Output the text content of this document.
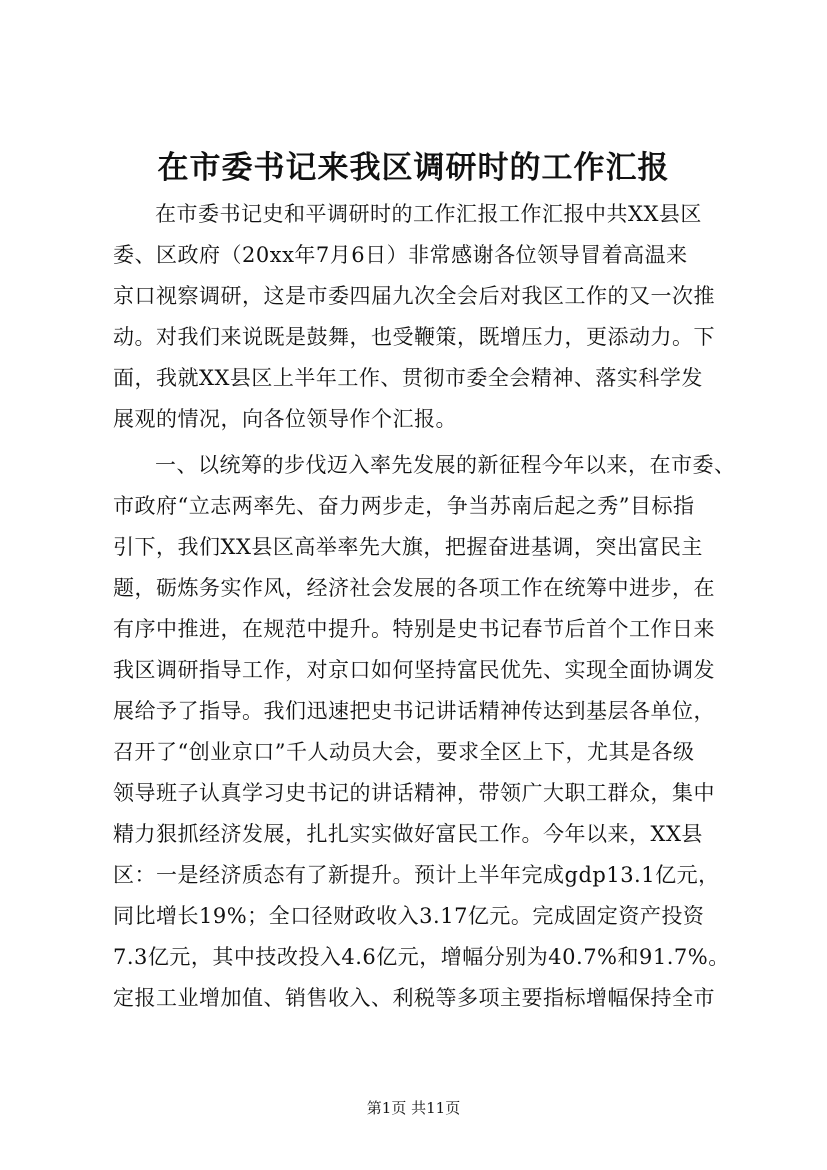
在市委书记来我区调研时的工作汇报
在市委书记史和平调研时的工作汇报工作汇报中共XX县区
委、区政府（20xx年7月6日）非常感谢各位领导冒着高温来
京口视察调研，这是市委四届九次全会后对我区工作的又一次推
动。对我们来说既是鼓舞，也受鞭策，既增压力，更添动力。下
面，我就XX县区上半年工作、贯彻市委全会精神、落实科学发
展观的情况，向各位领导作个汇报。
一、以统筹的步伐迈入率先发展的新征程今年以来，在市委、
市政府“立志两率先、奋力两步走，争当苏南后起之秀”目标指
引下，我们XX县区高举率先大旗，把握奋进基调，突出富民主
题，砺炼务实作风，经济社会发展的各项工作在统筹中进步，在
有序中推进，在规范中提升。特别是史书记春节后首个工作日来
我区调研指导工作，对京口如何坚持富民优先、实现全面协调发
展给予了指导。我们迅速把史书记讲话精神传达到基层各单位，
召开了“创业京口”千人动员大会，要求全区上下，尤其是各级
领导班子认真学习史书记的讲话精神，带领广大职工群众，集中
精力狠抓经济发展，扎扎实实做好富民工作。今年以来，XX县
区：一是经济质态有了新提升。预计上半年完成gdp13.1亿元，
同比增长19%；全口径财政收入3.17亿元。完成固定资产投资
7.3亿元，其中技改投入4.6亿元，增幅分别为40.7%和91.7%。
定报工业增加值、销售收入、利税等多项主要指标增幅保持全市
第1页 共11页
